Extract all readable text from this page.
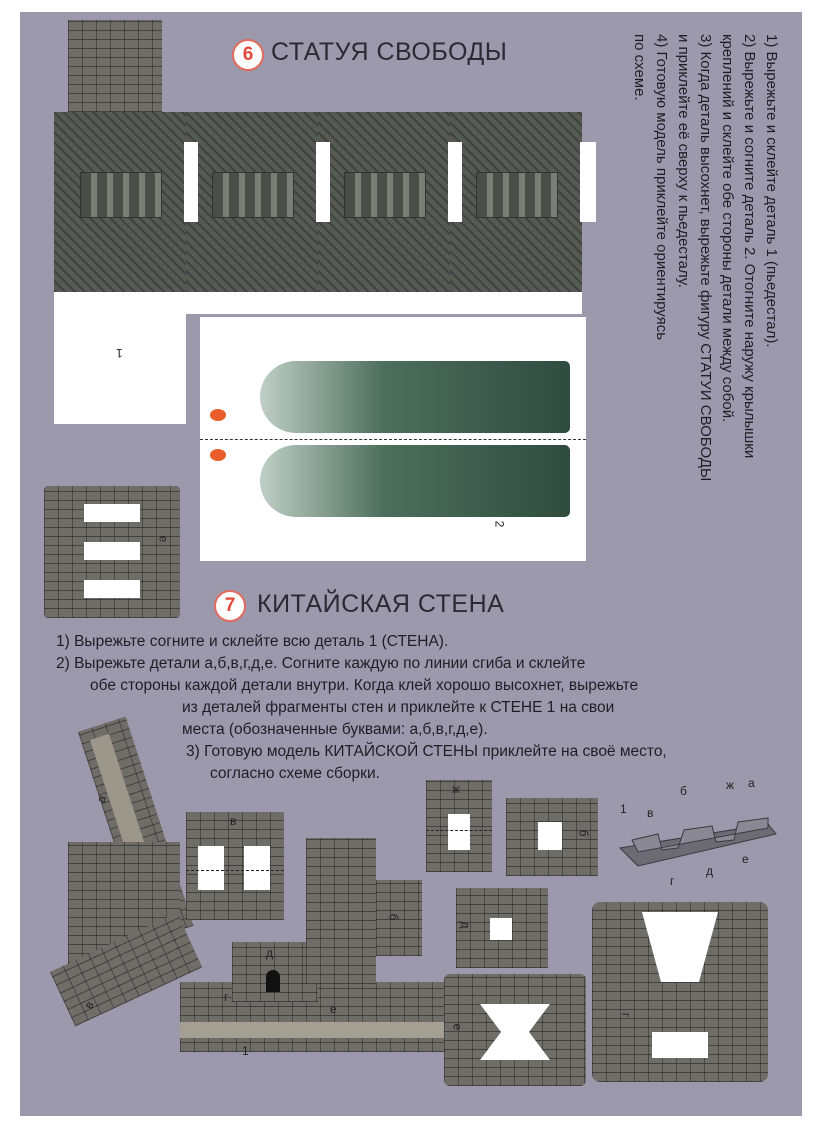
1
2
е
6 СТАТУЯ СВОБОДЫ	1) Вырежьте и склейте деталь 1 (пьедестал).
2) Вырежьте и согните деталь 2. Отогните наружу крылышки
креплений и склейте обе стороны детали между собой.
3) Когда деталь высохнет, вырежьте фигуру СТАТУИ СВОБОДЫ
и приклейте её сверху к пьедесталу.
4) Готовую модель приклейте ориентируясь
по схеме.
7 КИТАЙСКАЯ СТЕНА
1) Вырежьте согните и склейте всю деталь 1 (СТЕНА).
2) Вырежьте детали а,б,в,г,д,е. Согните каждую по линии сгиба и склейте
обе стороны каждой детали внутри. Когда клей хорошо высохнет, вырежьте
из деталей фрагменты стен и приклейте к СТЕНЕ 1 на свои
места (обозначенные буквами: а,б,в,г,д,е).
3) Готовую модель КИТАЙСКОЙ СТЕНЫ приклейте на своё место,
согласно схеме сборки.
а
в
г
е
1
д
б
в
ж
б
д
е
г
1 в
б	ж а
г
д
е
